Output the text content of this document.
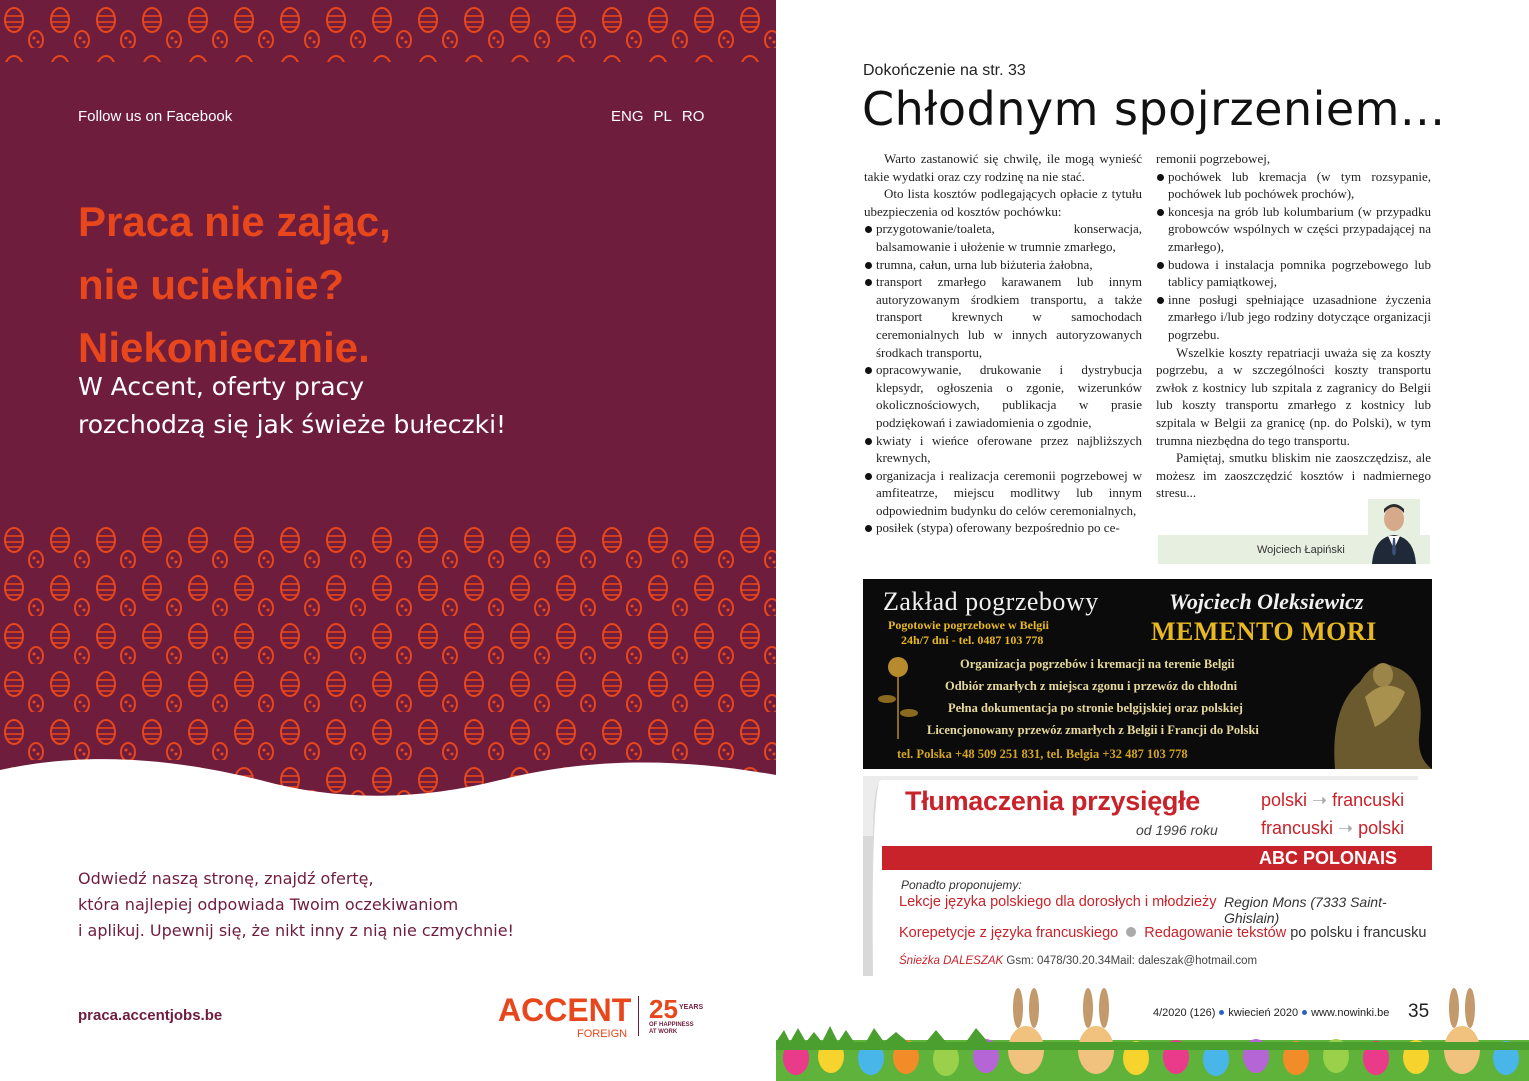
Follow us on Facebook	ENG PL RO
Praca nie zając,
nie ucieknie?
Niekoniecznie.
W Accent, oferty pracy
rozchodzą się jak świeże bułeczki!
Odwiedź naszą stronę, znajdź ofertę,
która najlepiej odpowiada Twoim oczekiwaniom
i aplikuj. Upewnij się, że nikt inny z nią nie czmychnie!
praca.accentjobs.be	ACCENT
FOREIGN
25 YEARS
OF HAPPINESS
AT WORK
Dokończenie na str. 33
Chłodnym spojrzeniem...

Warto zastanowić się chwilę, ile mogą wynieść takie wydatki oraz czy rodzinę na nie stać.

Oto lista kosztów podlegających opłacie z tytułu ubezpieczenia od kosztów pochówku:

przygotowanie/toaleta, konserwacja, balsamowanie i ułożenie w trumnie zmarłego,
trumna, całun, urna lub biżuteria żałobna,
transport zmarłego karawanem lub innym autoryzowanym środkiem transportu, a także transport krewnych w samochodach ceremonialnych lub w innych autoryzowanych środkach transportu,
opracowywanie, drukowanie i dystrybucja klepsydr, ogłoszenia o zgonie, wizerunków okolicznościowych, publikacja w prasie podziękowań i zawiadomienia o zgodnie,
kwiaty i wieńce oferowane przez najbliższych krewnych,
organizacja i realizacja ceremonii pogrzebowej w amfiteatrze, miejscu modlitwy lub innym odpowiednim budynku do celów ceremonialnych,
posiłek (stypa) oferowany bezpośrednio po ce-

remonii pogrzebowej,

pochówek lub kremacja (w tym rozsypanie, pochówek lub pochówek prochów),
koncesja na grób lub kolumbarium (w przypadku grobowców wspólnych w części przypadającej na zmarłego),
budowa i instalacja pomnika pogrzebowego lub tablicy pamiątkowej,
inne posługi spełniające uzasadnione życzenia zmarłego i/lub jego rodziny dotyczące organizacji pogrzebu.

Wszelkie koszty repatriacji uważa się za koszty pogrzebu, a w szczególności koszty transportu zwłok z kostnicy lub szpitala z zagranicy do Belgii lub koszty transportu zmarłego z kostnicy lub szpitala w Belgii za granicę (np. do Polski), w tym trumna niezbędna do tego transportu.

Pamiętaj, smutku bliskim nie zaoszczędzisz, ale możesz im zaoszczędzić kosztów i nadmiernego stresu...

Wojciech Łapiński
Zakład pogrzebowy	Wojciech Oleksiewicz
Pogotowie pogrzebowe w Belgii
24h/7 dni - tel. 0487 103 778	MEMENTO MORI
Organizacja pogrzebów i kremacji na terenie Belgii
Odbiór zmarłych z miejsca zgonu i przewóz do chłodni
Pełna dokumentacja po stronie belgijskiej oraz polskiej
Licencjonowany przewóz zmarłych z Belgii i Francji do Polski
tel. Polska +48 509 251 831, tel. Belgia +32 487 103 778
Tłumaczenia przysięgłe
od 1996 roku
polski ➝ francuski
francuski ➝ polski
ABC POLONAIS
Ponadto proponujemy:
Lekcje języka polskiego dla dorosłych i młodzieży Region Mons (7333 Saint-Ghislain)
Korepetycje z języka francuskiego Redagowanie tekstów po polsku i francusku
Śnieżka DALESZAK Gsm: 0478/30.20.34Mail: daleszak@hotmail.com
4/2020 (126) kwiecień 2020 www.nowinki.be 35
